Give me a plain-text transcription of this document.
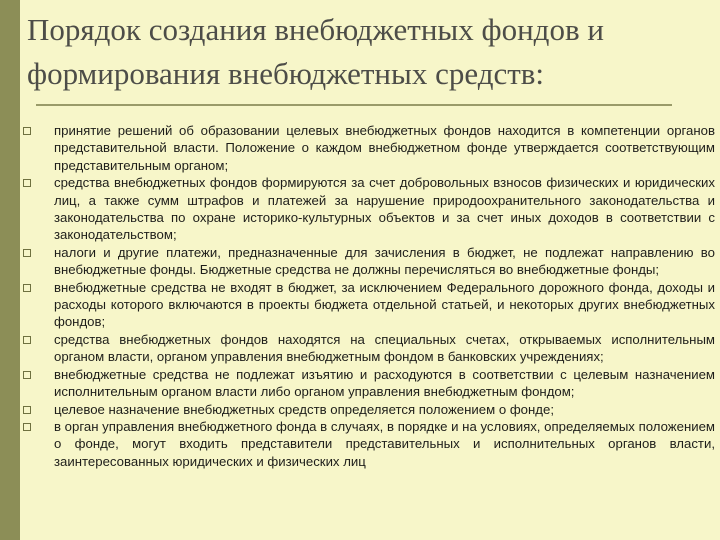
Порядок создания внебюджетных фондов и
формирования внебюджетных средств:
принятие решений об образовании целевых внебюджетных фондов находится в компетенции органов представительной власти. Положение о каждом внебюджетном фонде утверждается соответствующим представительным органом;
средства внебюджетных фондов формируются за счет добровольных взносов физических и юридических лиц, а также сумм штрафов и платежей за нарушение природоохранительного законодательства и законодательства по охране историко-культурных объектов и за счет иных доходов в соответствии с законодательством;
налоги и другие платежи, предназначенные для зачисления в бюджет, не подлежат направлению во внебюджетные фонды. Бюджетные средства не должны перечисляться во внебюджетные фонды;
внебюджетные средства не входят в бюджет, за исключением Федерального дорожного фонда, доходы и расходы которого включаются в проекты бюджета отдельной статьей, и некоторых других внебюджетных фондов;
средства внебюджетных фондов находятся на специальных счетах, открываемых исполнительным органом власти, органом управления внебюджетным фондом в банковских учреждениях;
внебюджетные средства не подлежат изъятию и расходуются в соответствии с целевым назначением исполнительным органом власти либо органом управления внебюджетным фондом;
целевое назначение внебюджетных средств определяется положением о фонде;
в орган управления внебюджетного фонда в случаях, в порядке и на условиях, определяемых положением о фонде, могут входить представители представительных и исполнительных органов власти, заинтересованных юридических и физических лиц
